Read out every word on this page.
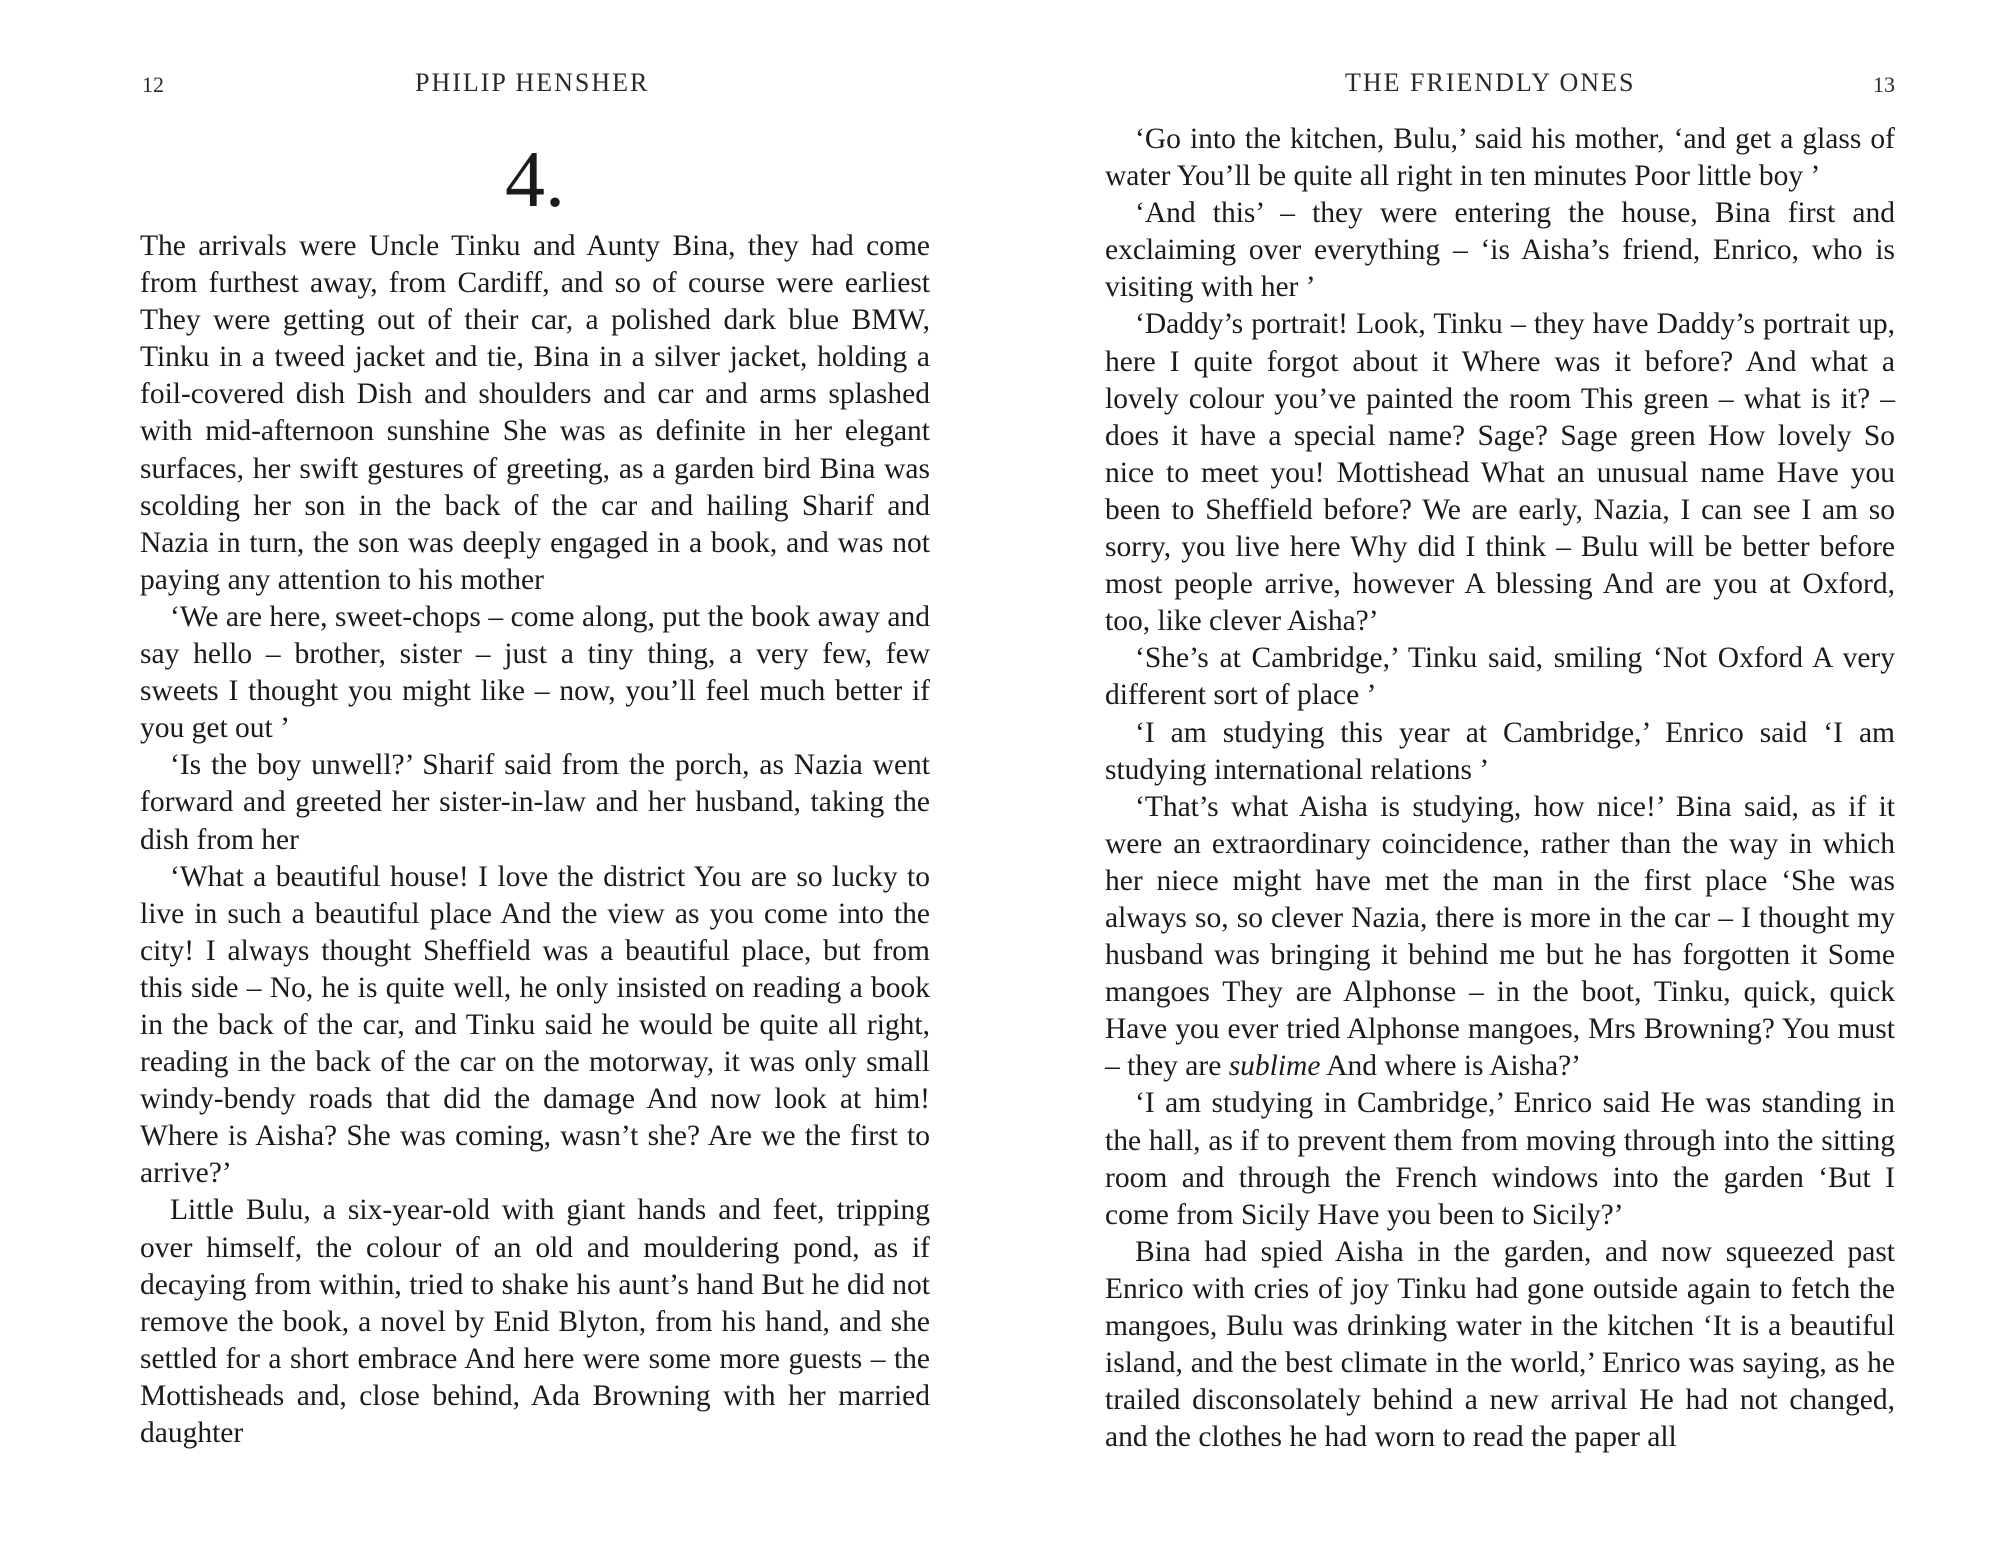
12	PHILIP HENSHER
4.

The arrivals were Uncle Tinku and Aunty Bina, they had come from furthest away, from Cardiff, and so of course were earliest They were getting out of their car, a polished dark blue BMW, Tinku in a tweed jacket and tie, Bina in a silver jacket, holding a foil-covered dish Dish and shoulders and car and arms splashed with mid-afternoon sunshine She was as definite in her elegant surfaces, her swift gestures of greeting, as a garden bird Bina was scolding her son in the back of the car and hailing Sharif and Nazia in turn, the son was deeply engaged in a book, and was not paying any attention to his mother

‘We are here, sweet-chops – come along, put the book away and say hello – brother, sister – just a tiny thing, a very few, few sweets I thought you might like – now, you’ll feel much better if you get out ’

‘Is the boy unwell?’ Sharif said from the porch, as Nazia went forward and greeted her sister-in-law and her husband, taking the dish from her

‘What a beautiful house! I love the district You are so lucky to live in such a beautiful place And the view as you come into the city! I always thought Sheffield was a beautiful place, but from this side – No, he is quite well, he only insisted on reading a book in the back of the car, and Tinku said he would be quite all right, reading in the back of the car on the motorway, it was only small windy-bendy roads that did the damage And now look at him! Where is Aisha? She was coming, wasn’t she? Are we the first to arrive?’

Little Bulu, a six-year-old with giant hands and feet, tripping over himself, the colour of an old and mouldering pond, as if decaying from within, tried to shake his aunt’s hand But he did not remove the book, a novel by Enid Blyton, from his hand, and she settled for a short embrace And here were some more guests – the Mottisheads and, close behind, Ada Browning with her married daughter

THE FRIENDLY ONES	13

‘Go into the kitchen, Bulu,’ said his mother, ‘and get a glass of water You’ll be quite all right in ten minutes Poor little boy ’

‘And this’ – they were entering the house, Bina first and exclaiming over everything – ‘is Aisha’s friend, Enrico, who is visiting with her ’

‘Daddy’s portrait! Look, Tinku – they have Daddy’s portrait up, here I quite forgot about it Where was it before? And what a lovely colour you’ve painted the room This green – what is it? – does it have a special name? Sage? Sage green How lovely So nice to meet you! Mottishead What an unusual name Have you been to Sheffield before? We are early, Nazia, I can see I am so sorry, you live here Why did I think – Bulu will be better before most people arrive, however A blessing And are you at Oxford, too, like clever Aisha?’

‘She’s at Cambridge,’ Tinku said, smiling ‘Not Oxford A very different sort of place ’

‘I am studying this year at Cambridge,’ Enrico said ‘I am studying international relations ’

‘That’s what Aisha is studying, how nice!’ Bina said, as if it were an extraordinary coincidence, rather than the way in which her niece might have met the man in the first place ‘She was always so, so clever Nazia, there is more in the car – I thought my husband was bringing it behind me but he has forgotten it Some mangoes They are Alphonse – in the boot, Tinku, quick, quick Have you ever tried Alphonse mangoes, Mrs Browning? You must – they are sublime And where is Aisha?’

‘I am studying in Cambridge,’ Enrico said He was standing in the hall, as if to prevent them from moving through into the sitting room and through the French windows into the garden ‘But I come from Sicily Have you been to Sicily?’

Bina had spied Aisha in the garden, and now squeezed past Enrico with cries of joy Tinku had gone outside again to fetch the mangoes, Bulu was drinking water in the kitchen ‘It is a beautiful island, and the best climate in the world,’ Enrico was saying, as he trailed disconsolately behind a new arrival He had not changed, and the clothes he had worn to read the paper all
